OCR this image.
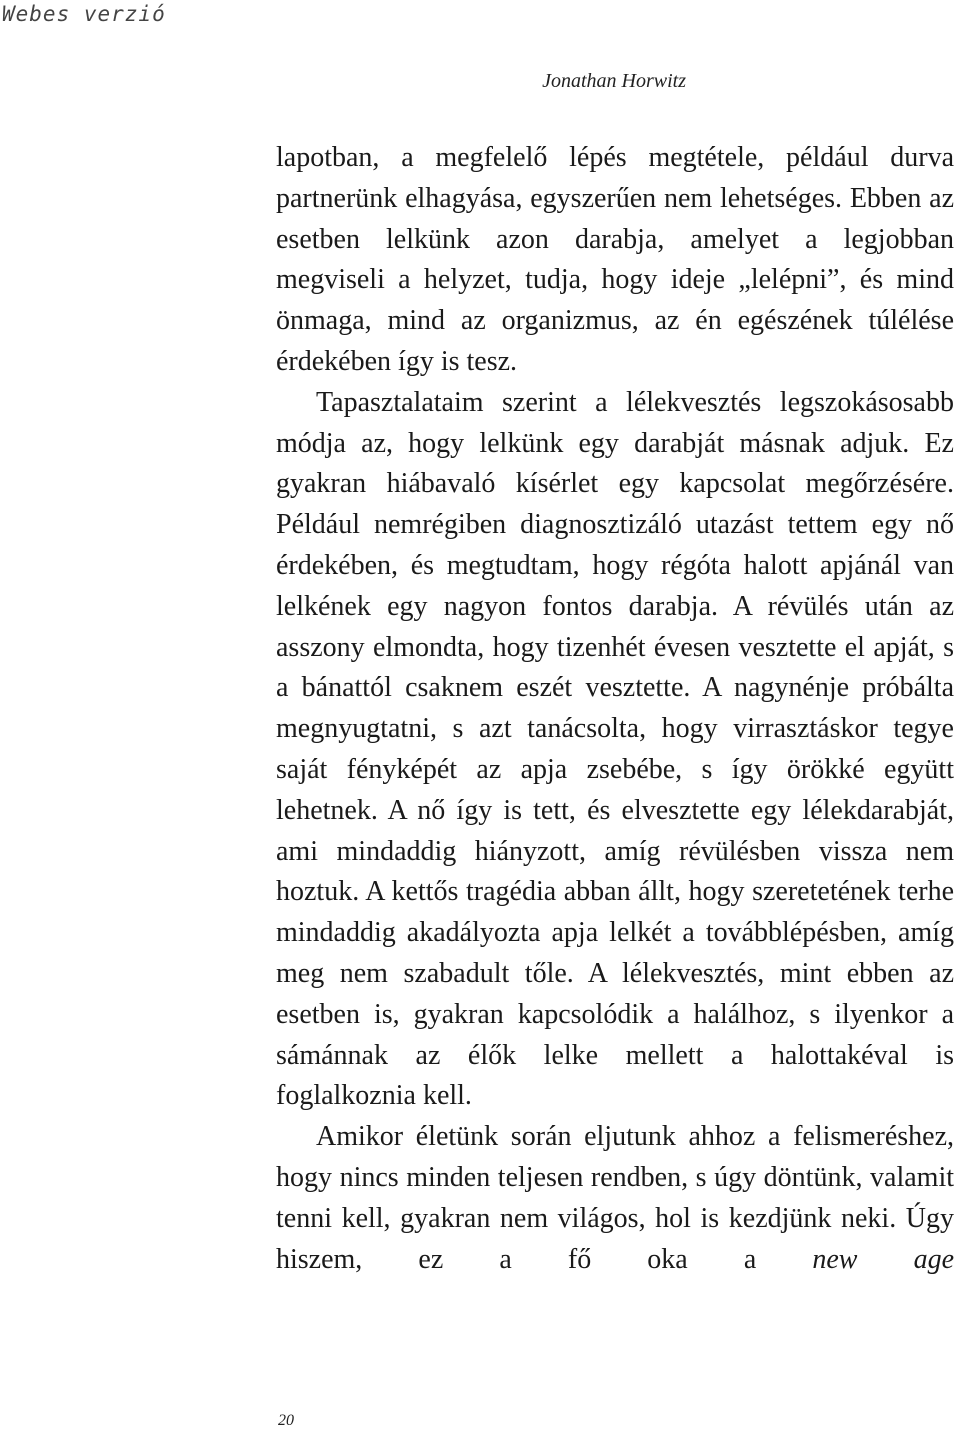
Webes verzió
Jonathan Horwitz

lapotban, a megfelelő lépés megtétele, például durva partnerünk elhagyása, egyszerűen nem lehetséges. Ebben az esetben lelkünk azon darabja, amelyet a legjobban megviseli a helyzet, tudja, hogy ideje „lelépni”, és mind önmaga, mind az organizmus, az én egészének túlélése érdekében így is tesz.

Tapasztalataim szerint a lélekvesztés legszokásosabb módja az, hogy lelkünk egy darabját másnak adjuk. Ez gyakran hiábavaló kísérlet egy kapcsolat megőrzésére. Például nemrégiben diagnosztizáló utazást tettem egy nő érdekében, és megtudtam, hogy régóta halott apjánál van lelkének egy nagyon fontos darabja. A révülés után az asszony elmondta, hogy tizenhét évesen vesztette el apját, s a bánattól csaknem eszét vesztette. A nagynénje próbálta megnyugtatni, s azt tanácsolta, hogy virrasztáskor tegye saját fényképét az apja zsebébe, s így örökké együtt lehetnek. A nő így is tett, és elvesztette egy lélekdarabját, ami mindaddig hiányzott, amíg révülésben vissza nem hoztuk. A kettős tragédia abban állt, hogy szeretetének terhe mindaddig akadályozta apja lelkét a továbblépésben, amíg meg nem szabadult tőle. A lélekvesztés, mint ebben az esetben is, gyakran kapcsolódik a halálhoz, s ilyenkor a sámánnak az élők lelke mellett a halottakéval is foglalkoznia kell.

Amikor életünk során eljutunk ahhoz a felismeréshez, hogy nincs minden teljesen rendben, s úgy döntünk, valamit tenni kell, gyakran nem világos, hol is kezdjünk neki. Úgy hiszem, ez a fő oka a new age

20
